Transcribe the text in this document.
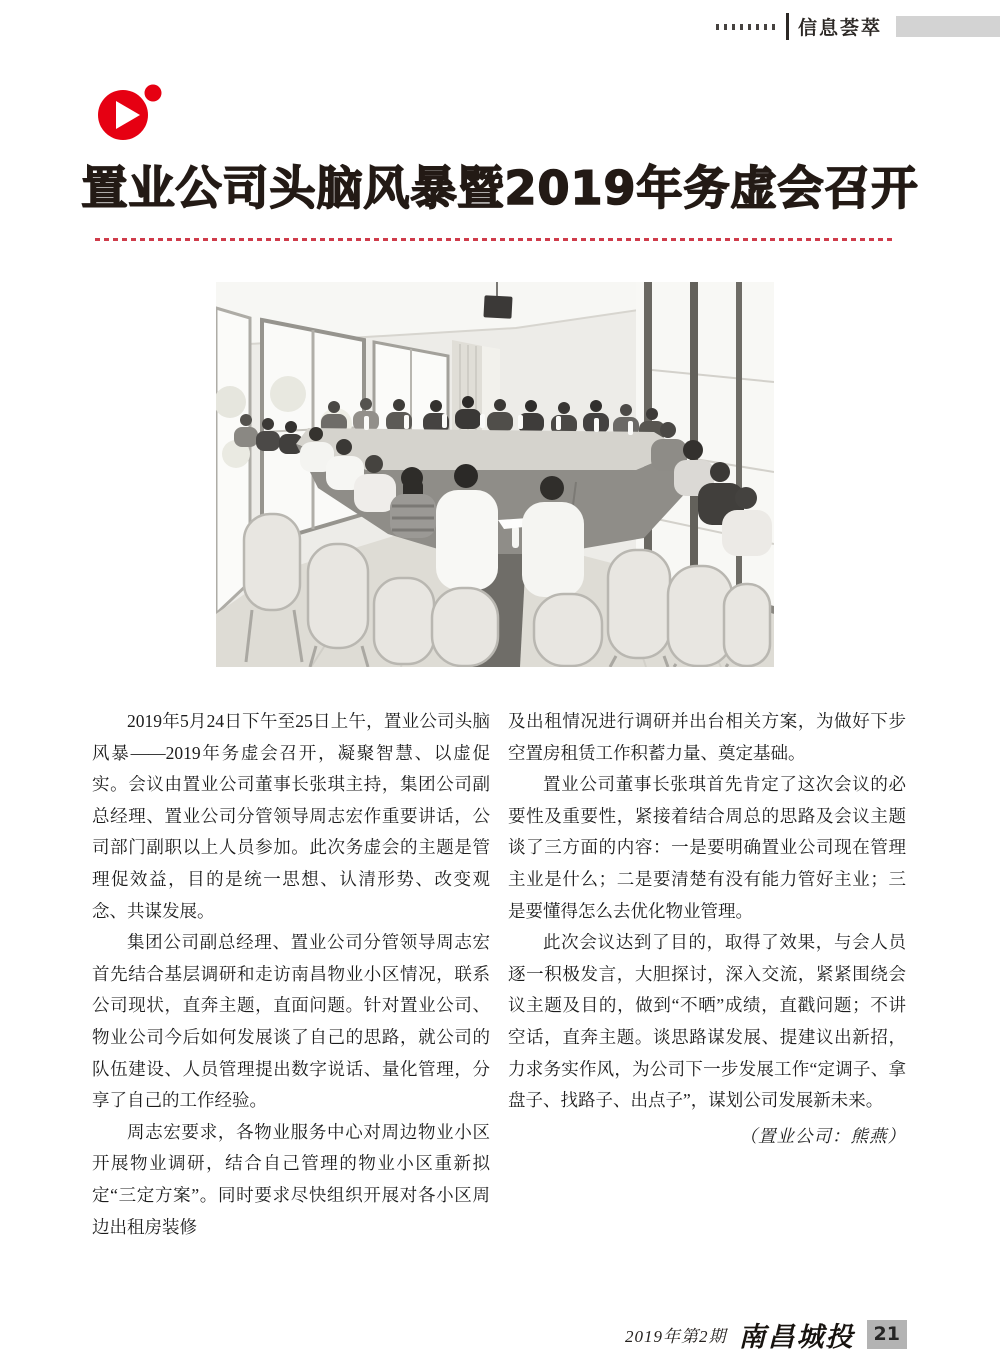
信息荟萃
置业公司头脑风暴暨2019年务虚会召开

2019年5月24日下午至25日上午，置业公司头脑风暴——2019年务虚会召开，凝聚智慧、以虚促实。会议由置业公司董事长张琪主持，集团公司副总经理、置业公司分管领导周志宏作重要讲话，公司部门副职以上人员参加。此次务虚会的主题是管理促效益，目的是统一思想、认清形势、改变观念、共谋发展。

集团公司副总经理、置业公司分管领导周志宏首先结合基层调研和走访南昌物业小区情况，联系公司现状，直奔主题，直面问题。针对置业公司、物业公司今后如何发展谈了自己的思路，就公司的队伍建设、人员管理提出数字说话、量化管理，分享了自己的工作经验。

周志宏要求，各物业服务中心对周边物业小区开展物业调研，结合自己管理的物业小区重新拟定“三定方案”。同时要求尽快组织开展对各小区周边出租房装修

及出租情况进行调研并出台相关方案，为做好下步空置房租赁工作积蓄力量、奠定基础。

置业公司董事长张琪首先肯定了这次会议的必要性及重要性，紧接着结合周总的思路及会议主题谈了三方面的内容：一是要明确置业公司现在管理主业是什么；二是要清楚有没有能力管好主业；三是要懂得怎么去优化物业管理。

此次会议达到了目的，取得了效果，与会人员逐一积极发言，大胆探讨，深入交流，紧紧围绕会议主题及目的，做到“不晒”成绩，直戳问题；不讲空话，直奔主题。谈思路谋发展、提建议出新招，力求务实作风，为公司下一步发展工作“定调子、拿盘子、找路子、出点子”，谋划公司发展新未来。

（置业公司：熊燕）

2019年第2期 南昌城投	21
